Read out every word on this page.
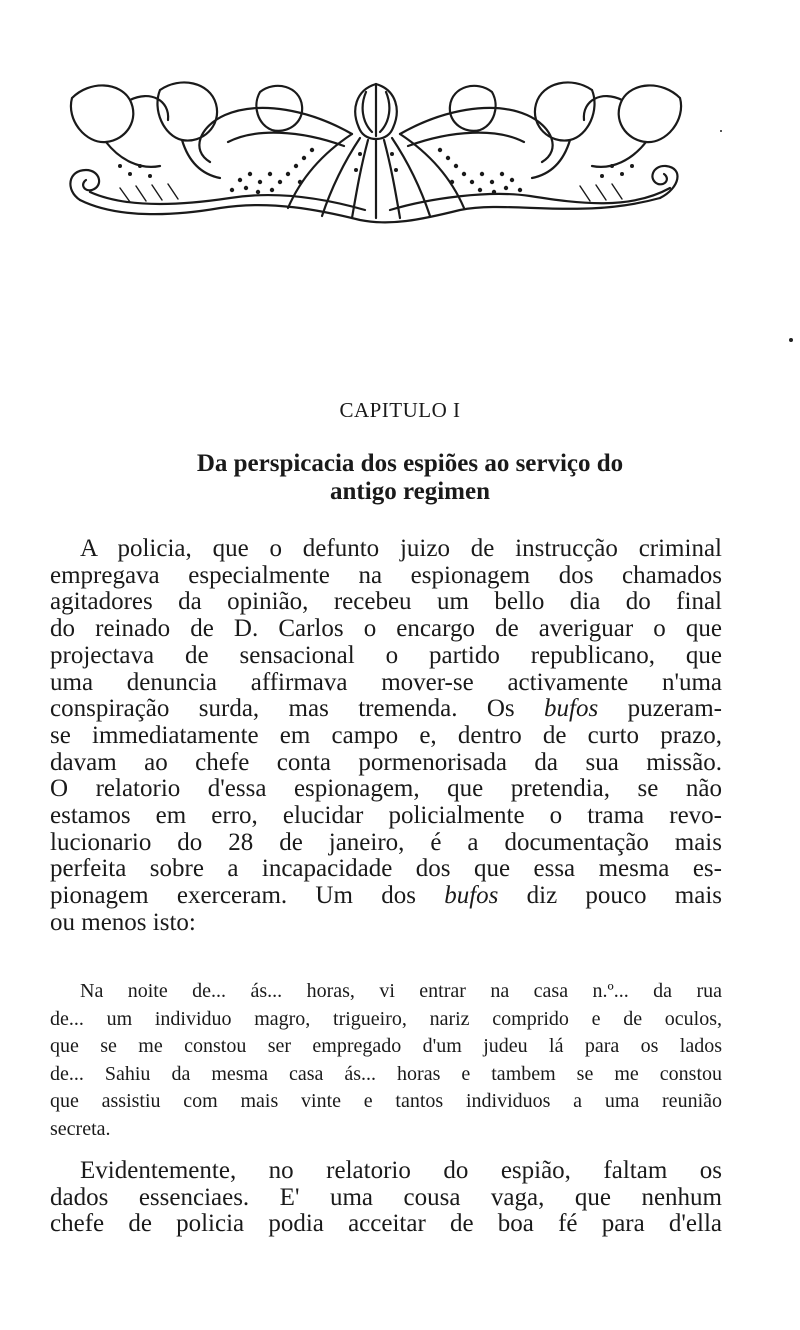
CAPITULO I
Da perspicacia dos espiões ao serviço do
antigo regimen

A policia, que o defunto juizo de instrucção criminal
empregava especialmente na espionagem dos chamados
agitadores da opinião, recebeu um bello dia do final
do reinado de D. Carlos o encargo de averiguar o que
projectava de sensacional o partido republicano, que
uma denuncia affirmava mover-se activamente n'uma
conspiração surda, mas tremenda. Os bufos puzeram-
se immediatamente em campo e, dentro de curto prazo,
davam ao chefe conta pormenorisada da sua missão.
O relatorio d'essa espionagem, que pretendia, se não
estamos em erro, elucidar policialmente o trama revo-
lucionario do 28 de janeiro, é a documentação mais
perfeita sobre a incapacidade dos que essa mesma es-
pionagem exerceram. Um dos bufos diz pouco mais
ou menos isto:

Na noite de... ás... horas, vi entrar na casa n.º... da rua
de... um individuo magro, trigueiro, nariz comprido e de oculos,
que se me constou ser empregado d'um judeu lá para os lados
de... Sahiu da mesma casa ás... horas e tambem se me constou
que assistiu com mais vinte e tantos individuos a uma reunião
secreta.

Evidentemente, no relatorio do espião, faltam os
dados essenciaes. E' uma cousa vaga, que nenhum
chefe de policia podia acceitar de boa fé para d'ella
